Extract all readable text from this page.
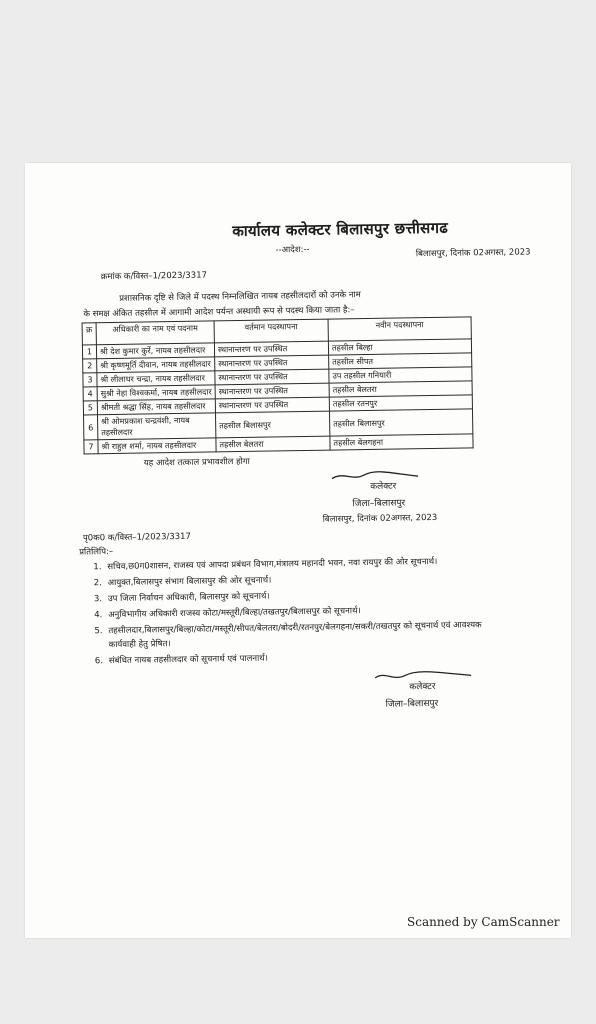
कार्यालय कलेक्टर बिलासपुर छत्तीसगढ
--आदेश:--	बिलासपुर, दिनांक 02अगस्त, 2023
क्रमांक क/विस्त–1/2023/3317
प्रशासनिक दृष्टि से जिले में पदस्थ निम्नलिखित नायब तहसीलदारों को उनके नाम
के समक्ष अंकित तहसील में आगामी आदेश पर्यन्त अस्थायी रूप से पदस्थ किया जाता है:–
क्र	अधिकारी का नाम एवं पदनाम	वर्तमान पदस्थापना	नवीन पदस्थापना
1	श्री देश कुमार कुर्रे, नायब तहसीलदार	स्थानान्तरण पर उपस्थित	तहसील बिल्हा
2	श्री कृष्णमूर्ति दीवान, नायब तहसीलदार	स्थानान्तरण पर उपस्थित	तहसील सीपत
3	श्री लीलाधर चन्द्रा, नायब तहसीलदार	स्थानान्तरण पर उपस्थित	उप तहसील गनियारी
4	सुश्री नेहा विश्वकर्मा, नायब तहसीलदार	स्थानान्तरण पर उपस्थित	तहसील बेलतरा
5	श्रीमती श्रद्धा सिंह, नायब तहसीलदार	स्थानान्तरण पर उपस्थित	तहसील रतनपुर
6	श्री ओमप्रकाश चन्द्रवंशी, नायब तहसीलदार	तहसील बिलासपुर	तहसील बिलासपुर
7	श्री राहुल शर्मा, नायब तहसीलदार	तहसील बेलतरा	तहसील बेलगहना
यह आदेश तत्काल प्रभावशील होगा
कलेक्टर
जिला–बिलासपुर
बिलासपुर, दिनांक 02अगस्त, 2023
पृ0क0 क/विस्त–1/2023/3317
प्रतिलिपि:–
1. सचिव,छ0ग0शासन, राजस्व एवं आपदा प्रबंधन विभाग,मंत्रालय महानदी भवन, नवा रायपुर की ओर सूचनार्थ।
2. आयुक्त,बिलासपुर संभाग बिलासपुर की ओर सूचनार्थ।
3. उप जिला निर्वाचन अधिकारी, बिलासपुर को सूचनार्थ।
4. अनुविभागीय अधिकारी राजस्व कोटा/मस्तूरी/बिल्हा/तखतपुर/बिलासपुर को सूचनार्थ।
5. तहसीलदार,बिलासपुर/बिल्हा/कोटा/मस्तूरी/सीपत/बेलतरा/बोदरी/रतनपुर/बेलगहना/सकरी/तखतपुर को सूचनार्थ एवं आवश्यक कार्यवाही हेतु प्रेषित।
6. संबंधित नायब तहसीलदार को सूचनार्थ एवं पालनार्थ।
कलेक्टर
जिला–बिलासपुर
Scanned by CamScanner
